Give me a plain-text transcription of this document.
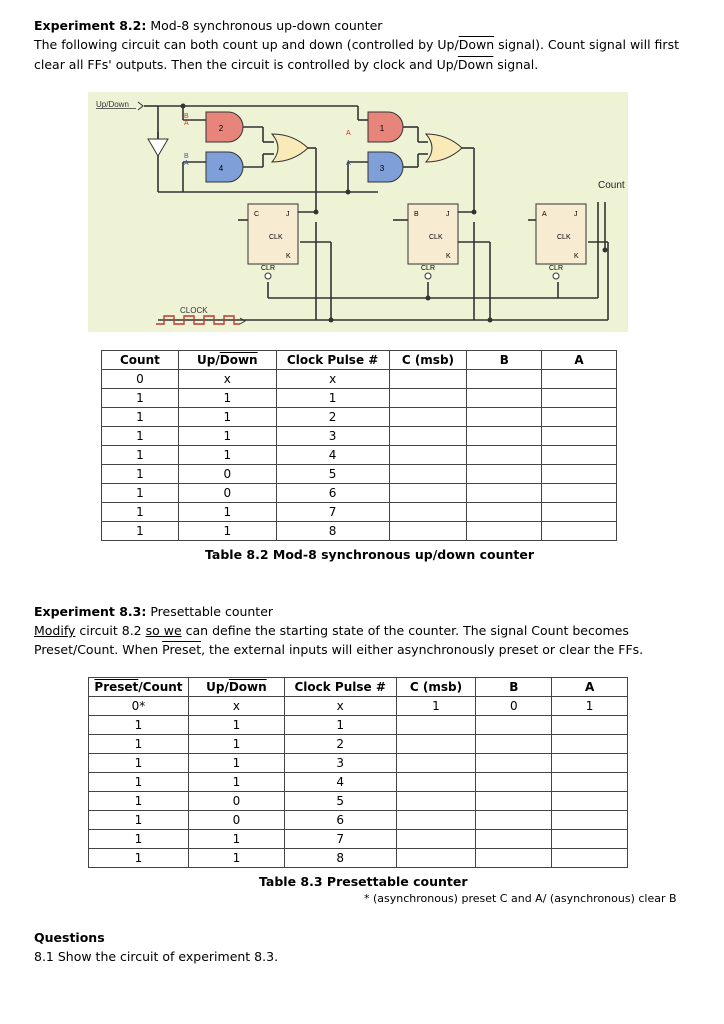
Experiment 8.2: Mod-8 synchronous up-down counter
The following circuit can both count up and down (controlled by Up/Down signal). Count signal will first
clear all FFs' outputs. Then the circuit is controlled by clock and Up/Down signal.
Up/Down
2
4
1
3
B
A
B
A
A
A
C	J
CLK
K
CLR
B	J
CLK
K
CLR
A	J
CLK
K
CLR
Count
CLOCK
Count	Up/Down	Clock Pulse #	C (msb)	B	A
0	x	x			
1	1	1			
1	1	2			
1	1	3			
1	1	4			
1	0	5			
1	0	6			
1	1	7			
1	1	8			
Table 8.2 Mod-8 synchronous up/down counter
Experiment 8.3: Presettable counter
Modify circuit 8.2 so we can define the starting state of the counter. The signal Count becomes
Preset/Count. When Preset, the external inputs will either asynchronously preset or clear the FFs.
Preset/Count	Up/Down	Clock Pulse #	C (msb)	B	A
0*	x	x	1	0	1
1	1	1			
1	1	2			
1	1	3			
1	1	4			
1	0	5			
1	0	6			
1	1	7			
1	1	8			
Table 8.3 Presettable counter
* (asynchronous) preset C and A/ (asynchronous) clear B
Questions
8.1 Show the circuit of experiment 8.3.
